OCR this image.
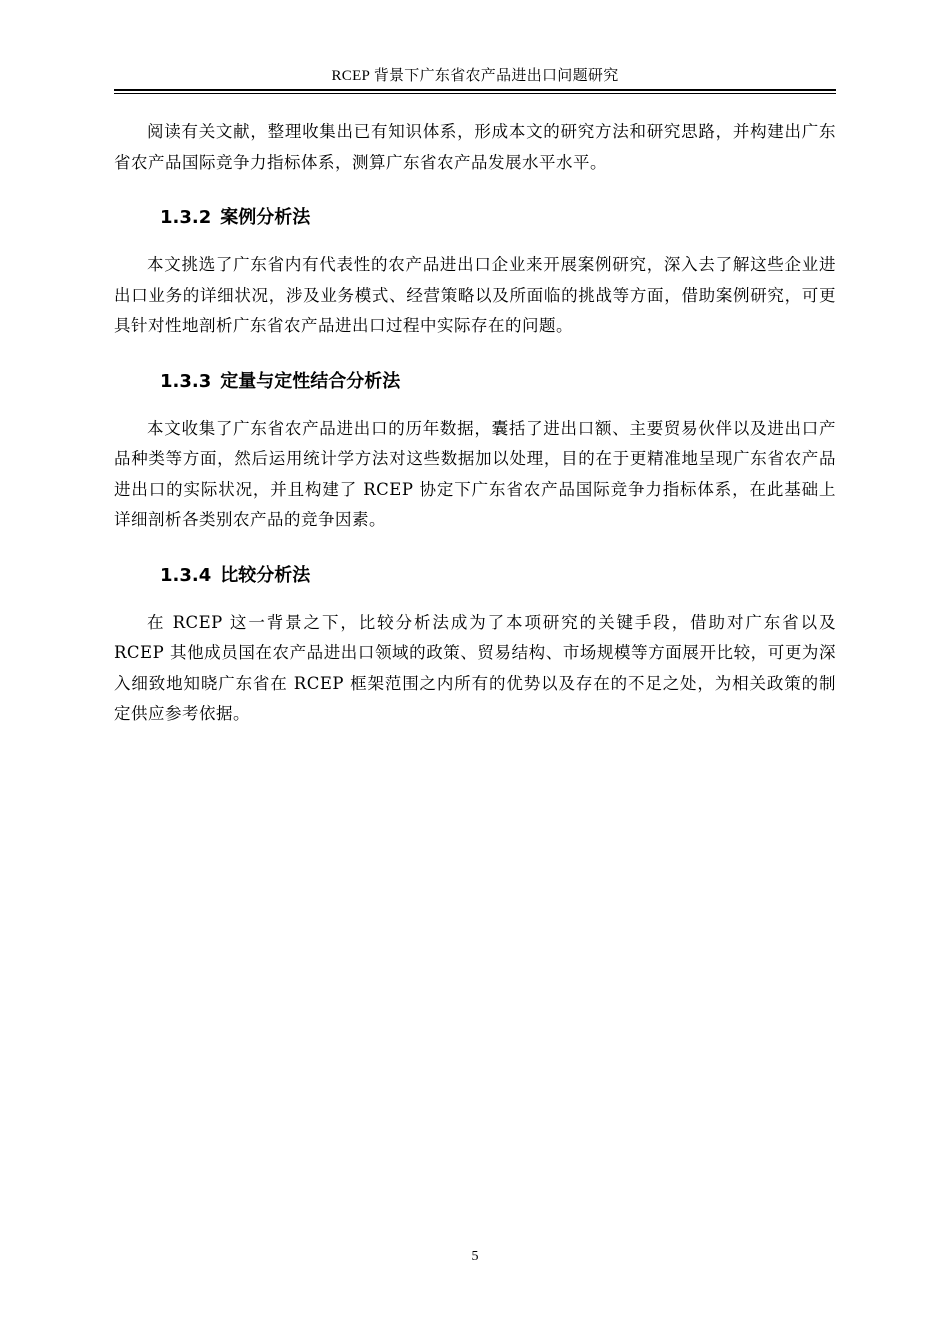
RCEP 背景下广东省农产品进出口问题研究

阅读有关文献，整理收集出已有知识体系，形成本文的研究方法和研究思路，并构建出广东省农产品国际竞争力指标体系，测算广东省农产品发展水平水平。

1.3.2 案例分析法

本文挑选了广东省内有代表性的农产品进出口企业来开展案例研究，深入去了解这些企业进出口业务的详细状况，涉及业务模式、经营策略以及所面临的挑战等方面，借助案例研究，可更具针对性地剖析广东省农产品进出口过程中实际存在的问题。

1.3.3 定量与定性结合分析法

本文收集了广东省农产品进出口的历年数据，囊括了进出口额、主要贸易伙伴以及进出口产品种类等方面，然后运用统计学方法对这些数据加以处理，目的在于更精准地呈现广东省农产品进出口的实际状况，并且构建了 RCEP 协定下广东省农产品国际竞争力指标体系，在此基础上详细剖析各类别农产品的竞争因素。

1.3.4 比较分析法

在 RCEP 这一背景之下，比较分析法成为了本项研究的关键手段，借助对广东省以及 RCEP 其他成员国在农产品进出口领域的政策、贸易结构、市场规模等方面展开比较，可更为深入细致地知晓广东省在 RCEP 框架范围之内所有的优势以及存在的不足之处，为相关政策的制定供应参考依据。

5
